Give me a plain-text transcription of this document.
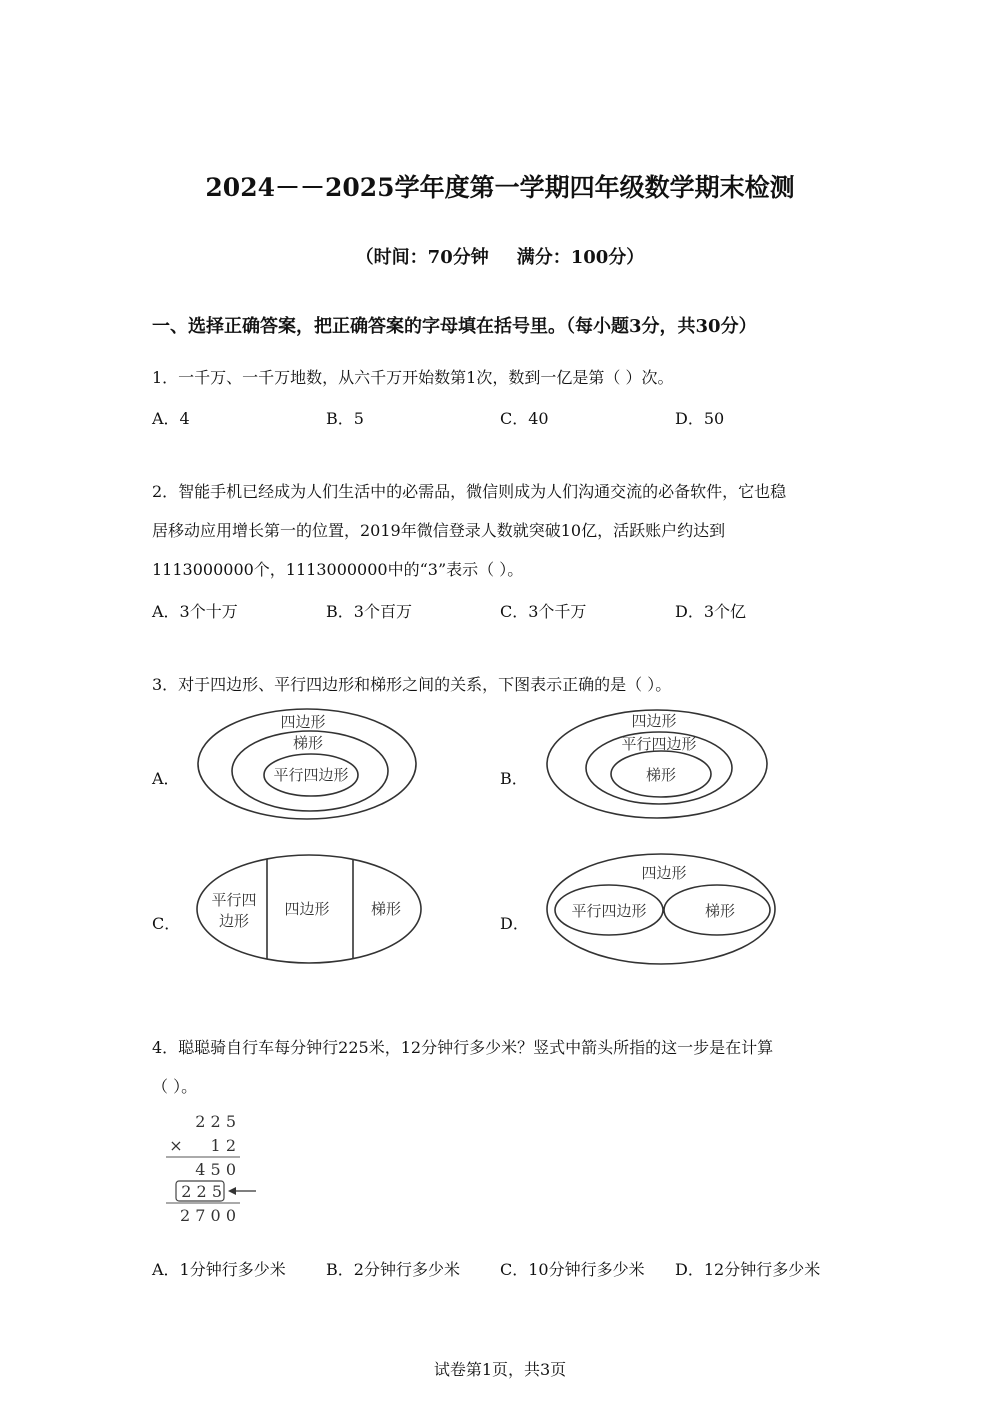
2024－－2025学年度第一学期四年级数学期末检测
（时间：70分钟 满分：100分）
一、选择正确答案，把正确答案的字母填在括号里。（每小题3分，共30分）
1．一千万、一千万地数，从六千万开始数第1次，数到一亿是第（ ）次。
A．4	B．5	C．40	D．50
2．智能手机已经成为人们生活中的必需品，微信则成为人们沟通交流的必备软件，它也稳
居移动应用增长第一的位置，2019年微信登录人数就突破10亿，活跃账户约达到
1113000000个，1113000000中的“3”表示（ ）。
A．3个十万	B．3个百万	C．3个千万	D．3个亿
3．对于四边形、平行四边形和梯形之间的关系，下图表示正确的是（ ）。
A．	B．
C．	D．
四边形
梯形
平行四边形
四边形
平行四边形
梯形
平行四
边形
四边形	梯形
四边形
平行四边形	梯形
2 2 5
× 1 2
4 5 0
2 2 5
2 7 0 0
4．聪聪骑自行车每分钟行225米，12分钟行多少米？竖式中箭头所指的这一步是在计算
（ ）。
A．1分钟行多少米	B．2分钟行多少米	C．10分钟行多少米 D．12分钟行多少米
试卷第1页，共3页
